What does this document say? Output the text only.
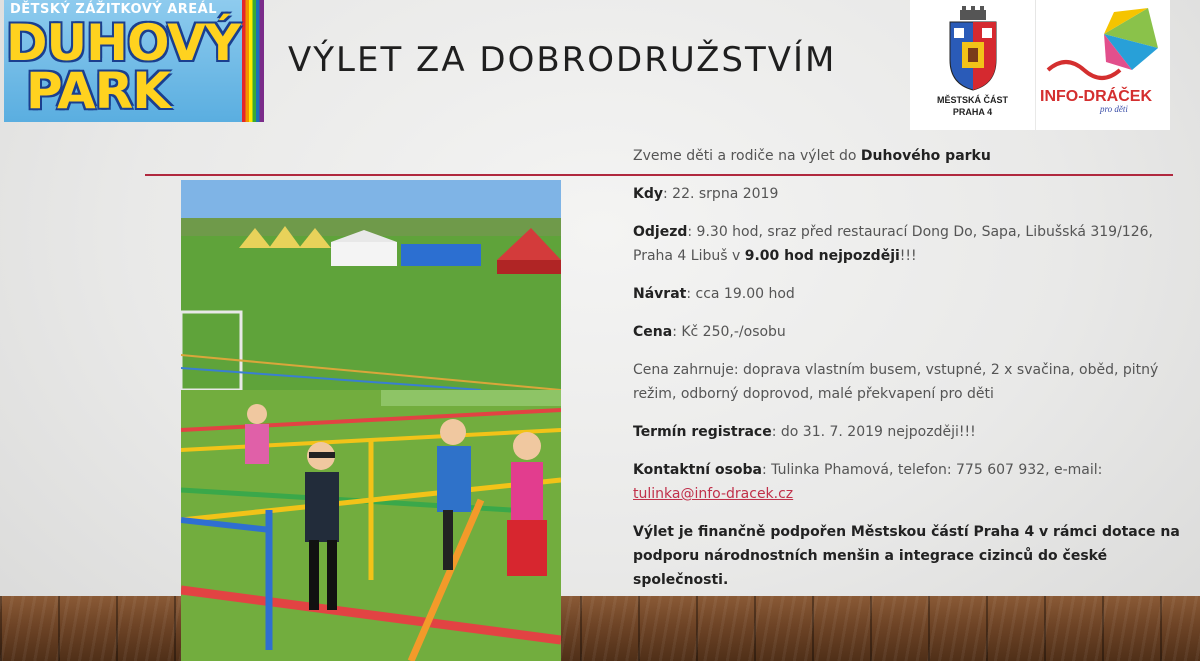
DĚTSKÝ ZÁŽITKOVÝ AREÁL
DUHOVÝ
PARK
VÝLET ZA DOBRODRUŽSTVÍM
MĚSTSKÁ ČÁST
PRAHA 4
INFO-DRÁČEK
pro děti

Zveme děti a rodiče na výlet do Duhového parku

Kdy: 22. srpna 2019

Odjezd: 9.30 hod, sraz před restaurací Dong Do, Sapa, Libušská 319/126, Praha 4 Libuš v 9.00 hod nejpozději!!!

Návrat: cca 19.00 hod

Cena: Kč 250,-/osobu

Cena zahrnuje: doprava vlastním busem, vstupné, 2 x svačina, oběd, pitný režim, odborný doprovod, malé překvapení pro děti

Termín registrace: do 31. 7. 2019 nejpozději!!!

Kontaktní osoba: Tulinka Phamová, telefon: 775 607 932, e-mail: tulinka@info-dracek.cz

Výlet je finančně podpořen Městskou částí Praha 4 v rámci dotace na podporu národnostních menšin a integrace cizinců do české společnosti.
